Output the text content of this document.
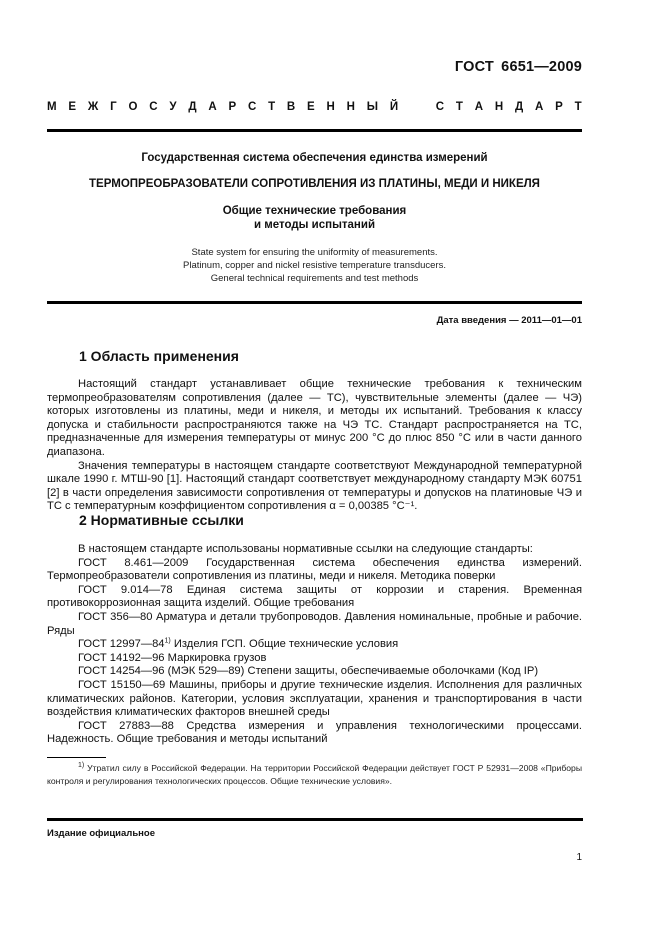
ГОСТ 6651—2009
М Е Ж Г О С У Д А Р С Т В Е Н Н Ы Й	С Т А Н Д А Р Т
Государственная система обеспечения единства измерений
ТЕРМОПРЕОБРАЗОВАТЕЛИ СОПРОТИВЛЕНИЯ ИЗ ПЛАТИНЫ, МЕДИ И НИКЕЛЯ
Общие технические требования
и методы испытаний
State system for ensuring the uniformity of measurements.
Platinum, copper and nickel resistive temperature transducers.
General technical requirements and test methods
Дата введения — 2011—01—01
1 Область применения

Настоящий стандарт устанавливает общие технические требования к техническим термопреобразователям сопротивления (далее — ТС), чувствительные элементы (далее — ЧЭ) которых изготовлены из платины, меди и никеля, и методы их испытаний. Требования к классу допуска и стабильности распространяются также на ЧЭ ТС. Стандарт распространяется на ТС, предназначенные для измерения температуры от минус 200 °С до плюс 850 °С или в части данного диапазона.

Значения температуры в настоящем стандарте соответствуют Международной температурной шкале 1990 г. МТШ-90 [1]. Настоящий стандарт соответствует международному стандарту МЭК 60751 [2] в части определения зависимости сопротивления от температуры и допусков на платиновые ЧЭ и ТС с температурным коэффициентом сопротивления α = 0,00385 °С⁻¹.

2 Нормативные ссылки

В настоящем стандарте использованы нормативные ссылки на следующие стандарты:

ГОСТ 8.461—2009 Государственная система обеспечения единства измерений. Термопреобразователи сопротивления из платины, меди и никеля. Методика поверки

ГОСТ 9.014—78 Единая система защиты от коррозии и старения. Временная противокоррозионная защита изделий. Общие требования

ГОСТ 356—80 Арматура и детали трубопроводов. Давления номинальные, пробные и рабочие. Ряды

ГОСТ 12997—84$^{1)}$ Изделия ГСП. Общие технические условия

ГОСТ 14192—96 Маркировка грузов

ГОСТ 14254—96 (МЭК 529—89) Степени защиты, обеспечиваемые оболочками (Код IP)

ГОСТ 15150—69 Машины, приборы и другие технические изделия. Исполнения для различных климатических районов. Категории, условия эксплуатации, хранения и транспортирования в части воздействия климатических факторов внешней среды

ГОСТ 27883—88 Средства измерения и управления технологическими процессами. Надежность. Общие требования и методы испытаний

$^{1)}$ Утратил силу в Российской Федерации. На территории Российской Федерации действует ГОСТ Р 52931—2008 «Приборы контроля и регулирования технологических процессов. Общие технические условия».

Издание официальное
1
